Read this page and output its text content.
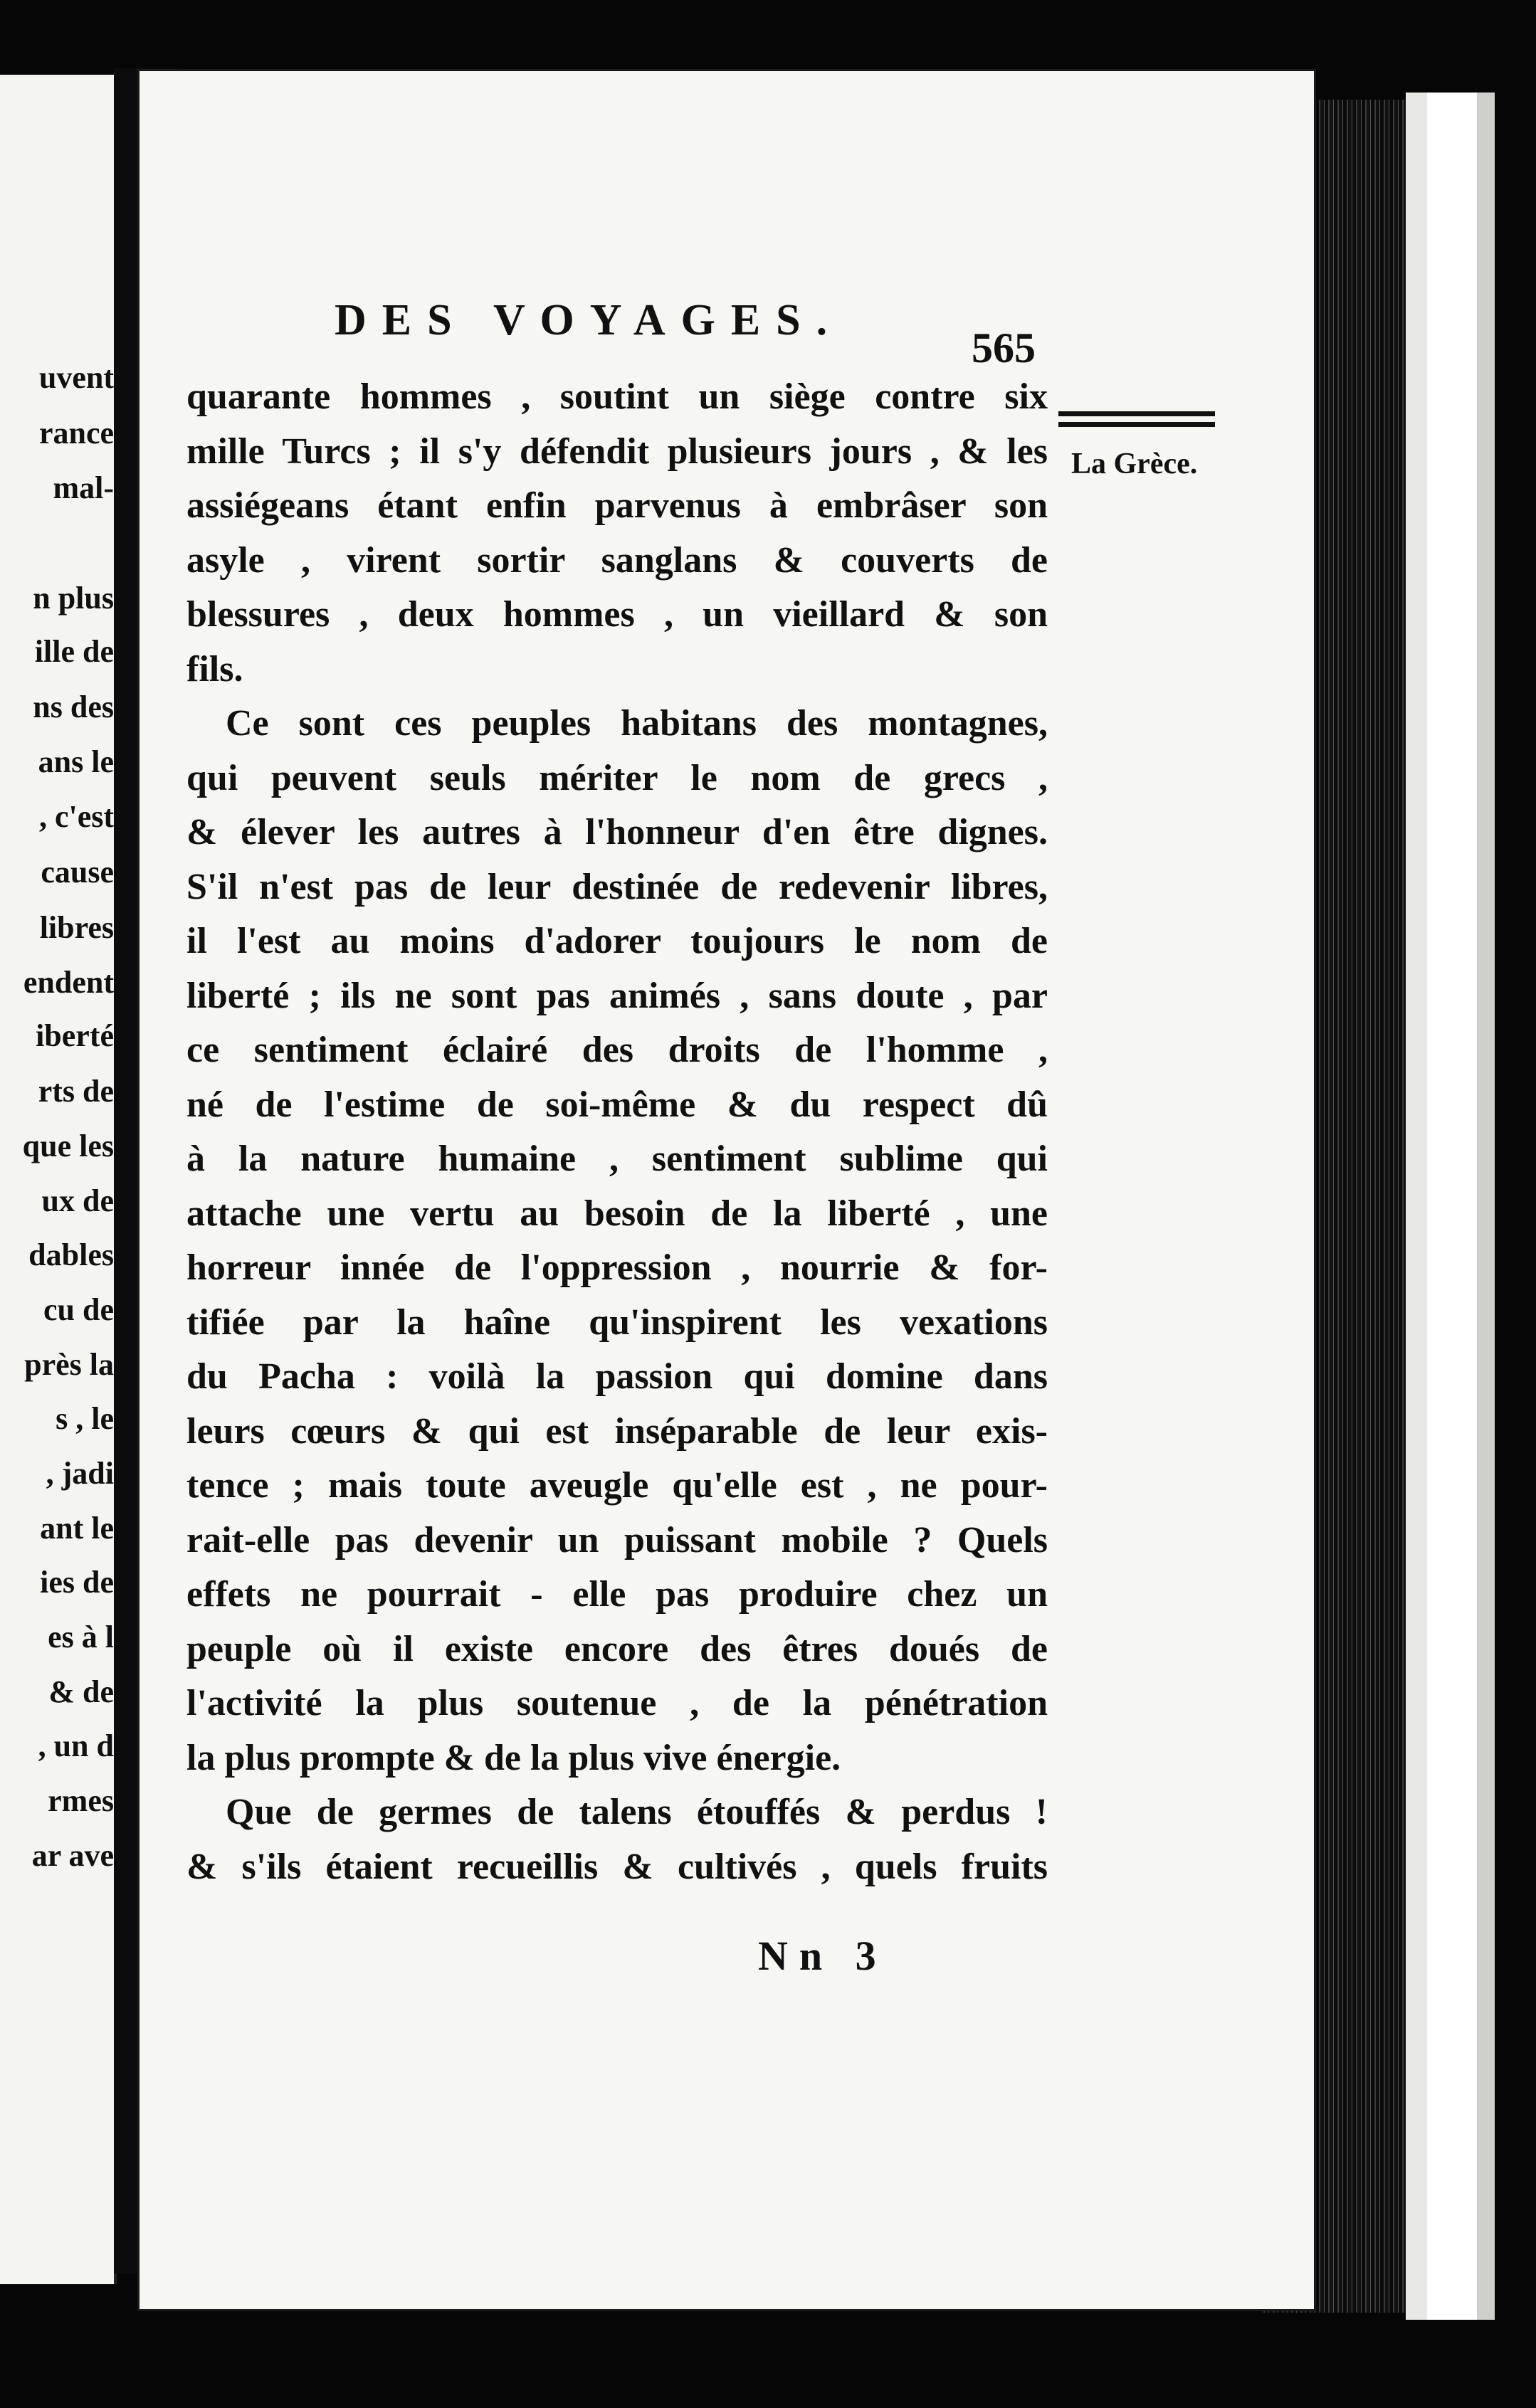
uvent
rance
mal-
n plus
ille de
ns des
ans le
, c'est
cause
libres
endent
iberté
rts de
que les
ux de
dables
cu de
près la
s , le
, jadi
ant le
ies de
es à l
& de
, un d
rmes
ar ave
DES VOYAGES.
565
La Grèce.
quarante hommes , soutint un siège contre six
mille Turcs ; il s'y défendit plusieurs jours , & les
assiégeans étant enfin parvenus à embrâser son
asyle , virent sortir sanglans & couverts de
blessures , deux hommes , un vieillard & son
fils.
Ce sont ces peuples habitans des montagnes,
qui peuvent seuls mériter le nom de grecs ,
& élever les autres à l'honneur d'en être dignes.
S'il n'est pas de leur destinée de redevenir libres,
il l'est au moins d'adorer toujours le nom de
liberté ; ils ne sont pas animés , sans doute , par
ce sentiment éclairé des droits de l'homme ,
né de l'estime de soi-même & du respect dû
à la nature humaine , sentiment sublime qui
attache une vertu au besoin de la liberté , une
horreur innée de l'oppression , nourrie & for-
tifiée par la haîne qu'inspirent les vexations
du Pacha : voilà la passion qui domine dans
leurs cœurs & qui est inséparable de leur exis-
tence ; mais toute aveugle qu'elle est , ne pour-
rait-elle pas devenir un puissant mobile ? Quels
effets ne pourrait - elle pas produire chez un
peuple où il existe encore des êtres doués de
l'activité la plus soutenue , de la pénétration
la plus prompte & de la plus vive énergie.
Que de germes de talens étouffés & perdus !
& s'ils étaient recueillis & cultivés , quels fruits
Nn 3
